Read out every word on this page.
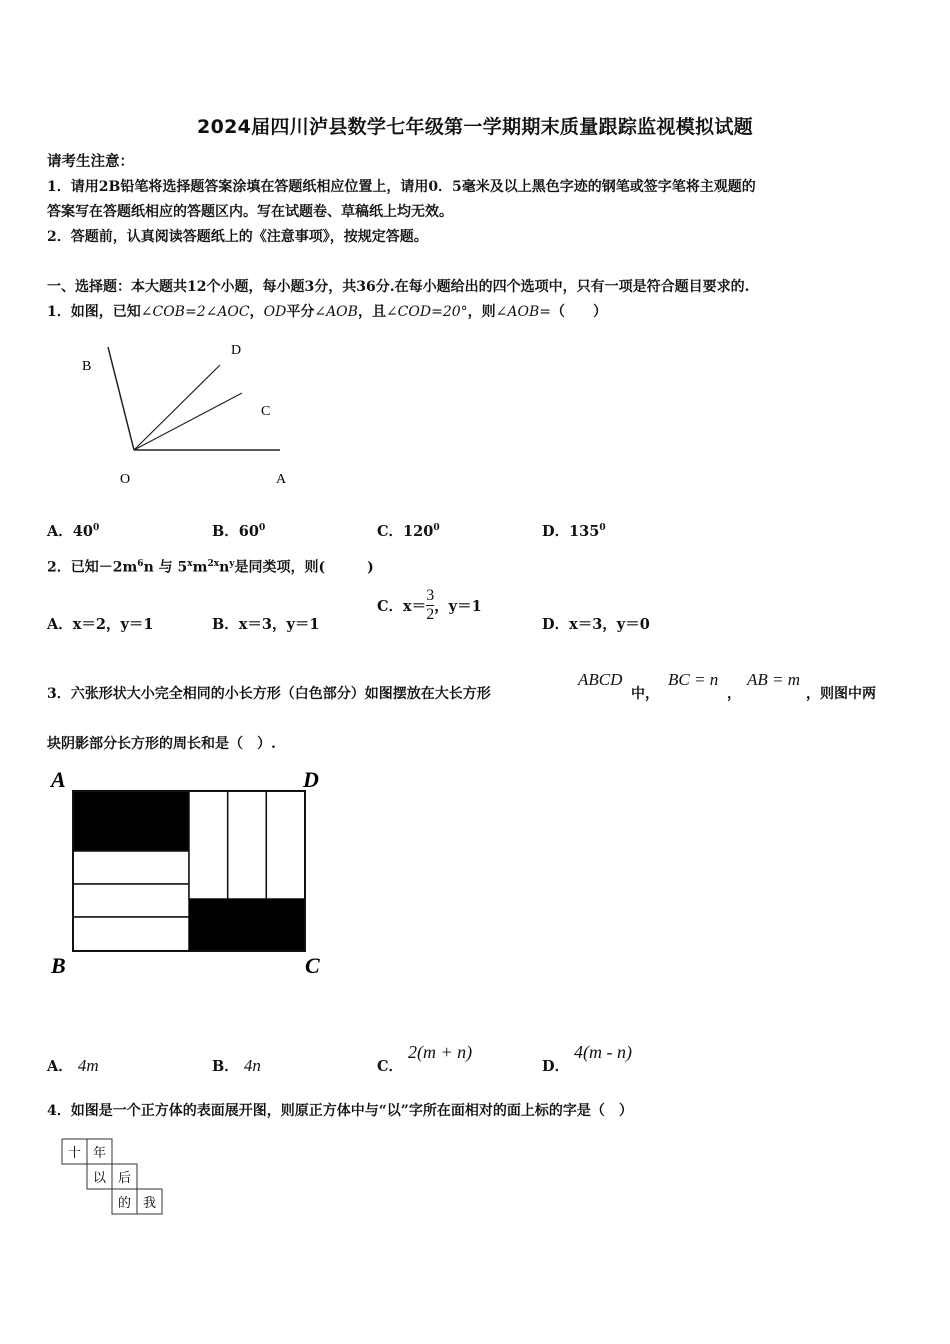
2024届四川泸县数学七年级第一学期期末质量跟踪监视模拟试题
请考生注意：
1．请用2B铅笔将选择题答案涂填在答题纸相应位置上，请用0．5毫米及以上黑色字迹的钢笔或签字笔将主观题的
答案写在答题纸相应的答题区内。写在试题卷、草稿纸上均无效。
2．答题前，认真阅读答题纸上的《注意事项》，按规定答题。
一、选择题：本大题共12个小题，每小题3分，共36分.在每小题给出的四个选项中，只有一项是符合题目要求的.
1．如图，已知∠COB=2∠AOC，OD平分∠AOB，且∠COD=20°，则∠AOB=（　　）
B
D
C
O	A
A．$40^0$	B．$60^0$	C．$120^0$	D．$135^0$
2．已知$-2m^6n$ 与 $5^xm^{2x}n^y$是同类项，则(　　　)
A．x＝2，y＝1	B．x＝3，y＝1
C．$x= \frac{3}{2}$ ，y＝1
D．x＝3，y＝0
3．六张形状大小完全相同的小长方形（白色部分）如图摆放在大长方形
ABCD
中，
BC = n
，
AB = m
，则图中两
块阴影部分长方形的周长和是（　）.
A	D
B	C
A． 4m	B． 4n	C．
2(m + n)
D．
4(m - n)
4．如图是一个正方体的表面展开图，则原正方体中与“以”字所在面相对的面上标的字是（　）
十 年
以 后
的 我
